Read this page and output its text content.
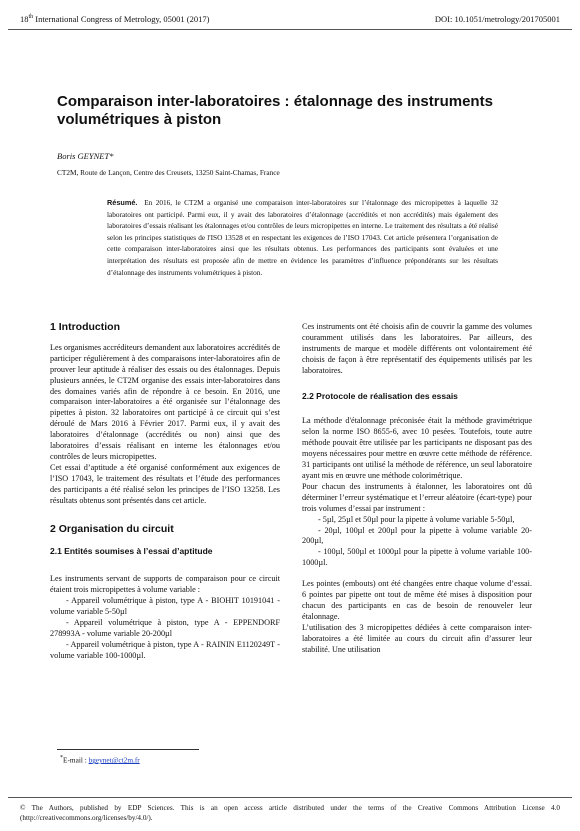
18th International Congress of Metrology, 05001 (2017)	DOI: 10.1051/metrology/201705001
Comparaison inter-laboratoires : étalonnage des instruments volumétriques à piston
Boris GEYNET*
CT2M, Route de Lançon, Centre des Creusets, 13250 Saint-Chamas, France
Résumé. En 2016, le CT2M a organisé une comparaison inter-laboratoires sur l’étalonnage des micropipettes à laquelle 32 laboratoires ont participé. Parmi eux, il y avait des laboratoires d’étalonnage (accrédités et non accrédités) mais également des laboratoires d’essais réalisant les étalonnages et/ou contrôles de leurs micropipettes en interne. Le traitement des résultats a été réalisé selon les principes statistiques de l'ISO 13528 et en respectant les exigences de l’ISO 17043. Cet article présentera l’organisation de cette comparaison inter-laboratoires ainsi que les résultats obtenus. Les performances des participants sont évaluées et une interprétation des résultats est proposée afin de mettre en évidence les paramètres d’influence prépondérants sur les résultats d’étalonnage des instruments volumétriques à piston.
1 Introduction

Les organismes accréditeurs demandent aux laboratoires accrédités de participer régulièrement à des comparaisons inter-laboratoires afin de prouver leur aptitude à réaliser des essais ou des étalonnages. Depuis plusieurs années, le CT2M organise des essais inter-laboratoires dans des domaines variés afin de répondre à ce besoin. En 2016, une comparaison inter-laboratoires a été organisée sur l’étalonnage des pipettes à piston. 32 laboratoires ont participé à ce circuit qui s’est déroulé de Mars 2016 à Février 2017. Parmi eux, il y avait des laboratoires d’étalonnage (accrédités ou non) ainsi que des laboratoires d’essais réalisant en interne les étalonnages et/ou contrôles de leurs micropipettes.

Cet essai d’aptitude a été organisé conformément aux exigences de l’ISO 17043, le traitement des résultats et l’étude des performances des participants a été réalisé selon les principes de l’ISO 13258. Les résultats obtenus sont présentés dans cet article.

2 Organisation du circuit
2.1 Entités soumises à l’essai d’aptitude

Les instruments servant de supports de comparaison pour ce circuit étaient trois micropipettes à volume variable :

- Appareil volumétrique à piston, type A - BIOHIT 10191041 - volume variable 5-50µl

- Appareil volumétrique à piston, type A - EPPENDORF 278993A - volume variable 20-200µl

- Appareil volumétrique à piston, type A - RAININ E1120249T - volume variable 100-1000µl.

Ces instruments ont été choisis afin de couvrir la gamme des volumes couramment utilisés dans les laboratoires. Par ailleurs, des instruments de marque et modèle différents ont volontairement été choisis de façon à être représentatif des équipements utilisés par les laboratoires.

2.2 Protocole de réalisation des essais

La méthode d'étalonnage préconisée était la méthode gravimétrique selon la norme ISO 8655-6, avec 10 pesées. Toutefois, toute autre méthode pouvait être utilisée par les participants ne disposant pas des moyens nécessaires pour mettre en œuvre cette méthode de référence. 31 participants ont utilisé la méthode de référence, un seul laboratoire ayant mis en œuvre une méthode colorimétrique.

Pour chacun des instruments à étalonner, les laboratoires ont dû déterminer l’erreur systématique et l’erreur aléatoire (écart-type) pour trois volumes d’essai par instrument :

- 5µl, 25µl et 50µl pour la pipette à volume variable 5-50µl,

- 20µl, 100µl et 200µl pour la pipette à volume variable 20-200µl,

- 100µl, 500µl et 1000µl pour la pipette à volume variable 100-1000µl.

Les pointes (embouts) ont été changées entre chaque volume d’essai. 6 pointes par pipette ont tout de même été mises à disposition pour chacun des participants en cas de besoin de renouveler leur étalonnage.

L’utilisation des 3 micropipettes dédiées à cette comparaison inter-laboratoires a été limitée au cours du circuit afin d’assurer leur stabilité. Une utilisation

*E-mail : bgeynet@ct2m.fr
© The Authors, published by EDP Sciences. This is an open access article distributed under the terms of the Creative Commons Attribution License 4.0 (http://creativecommons.org/licenses/by/4.0/).
